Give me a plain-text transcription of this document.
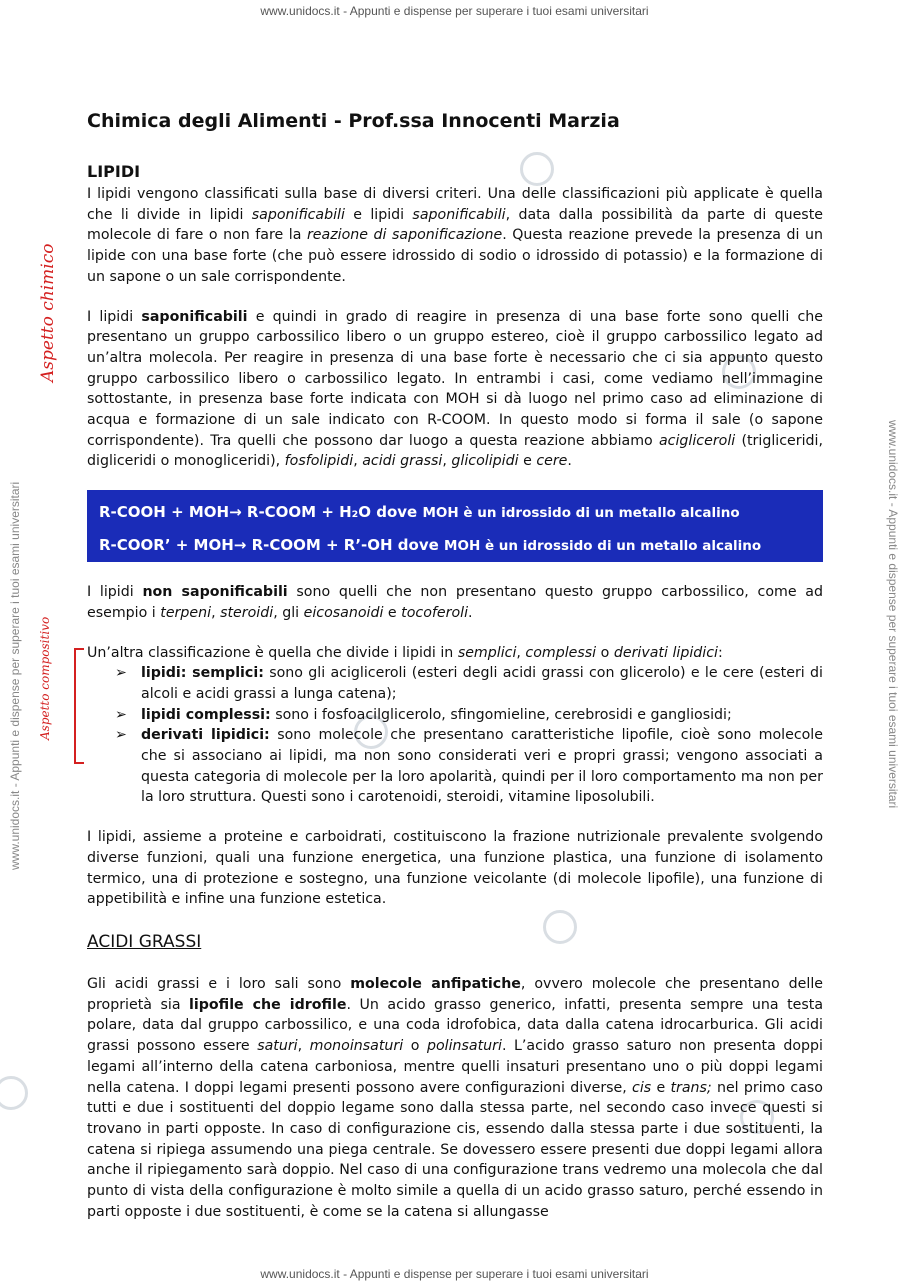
www.unidocs.it - Appunti e dispense per superare i tuoi esami universitari
www.unidocs.it - Appunti e dispense per superare i tuoi esami universitari
www.unidocs.it - Appunti e dispense per superare i tuoi esami universitari	www.unidocs.it - Appunti e dispense per superare i tuoi esami universitari
Aspetto chimico
Aspetto compositivo
Chimica degli Alimenti - Prof.ssa Innocenti Marzia
LIPIDI

I lipidi vengono classificati sulla base di diversi criteri. Una delle classificazioni più applicate è quella che li divide in lipidi saponificabili e lipidi saponificabili, data dalla possibilità da parte di queste molecole di fare o non fare la reazione di saponificazione. Questa reazione prevede la presenza di un lipide con una base forte (che può essere idrossido di sodio o idrossido di potassio) e la formazione di un sapone o un sale corrispondente.

I lipidi saponificabili e quindi in grado di reagire in presenza di una base forte sono quelli che presentano un gruppo carbossilico libero o un gruppo estereo, cioè il gruppo carbossilico legato ad un’altra molecola. Per reagire in presenza di una base forte è necessario che ci sia appunto questo gruppo carbossilico libero o carbossilico legato. In entrambi i casi, come vediamo nell’immagine sottostante, in presenza base forte indicata con MOH si dà luogo nel primo caso ad eliminazione di acqua e formazione di un sale indicato con R-COOM. In questo modo si forma il sale (o sapone corrispondente). Tra quelli che possono dar luogo a questa reazione abbiamo acigliceroli (trigliceridi, digliceridi o monogliceridi), fosfolipidi, acidi grassi, glicolipidi e cere.

R-COOH + MOH→ R-COOM + H₂O dove MOH è un idrossido di un metallo alcalino
R-COOR’ + MOH→ R-COOM + R’-OH dove MOH è un idrossido di un metallo alcalino

I lipidi non saponificabili sono quelli che non presentano questo gruppo carbossilico, come ad esempio i terpeni, steroidi, gli eicosanoidi e tocoferoli.

Un’altra classificazione è quella che divide i lipidi in semplici, complessi o derivati lipidici:

➢ lipidi: semplici: sono gli acigliceroli (esteri degli acidi grassi con glicerolo) e le cere (esteri di alcoli e acidi grassi a lunga catena);
➢ lipidi complessi: sono i fosfoacilglicerolo, sfingomieline, cerebrosidi e gangliosidi;
➢ derivati lipidici: sono molecole che presentano caratteristiche lipofile, cioè sono molecole che si associano ai lipidi, ma non sono considerati veri e propri grassi; vengono associati a questa categoria di molecole per la loro apolarità, quindi per il loro comportamento ma non per la loro struttura. Questi sono i carotenoidi, steroidi, vitamine liposolubili.

I lipidi, assieme a proteine e carboidrati, costituiscono la frazione nutrizionale prevalente svolgendo diverse funzioni, quali una funzione energetica, una funzione plastica, una funzione di isolamento termico, una di protezione e sostegno, una funzione veicolante (di molecole lipofile), una funzione di appetibilità e infine una funzione estetica.

ACIDI GRASSI

Gli acidi grassi e i loro sali sono molecole anfipatiche, ovvero molecole che presentano delle proprietà sia lipofile che idrofile. Un acido grasso generico, infatti, presenta sempre una testa polare, data dal gruppo carbossilico, e una coda idrofobica, data dalla catena idrocarburica. Gli acidi grassi possono essere saturi, monoinsaturi o polinsaturi. L’acido grasso saturo non presenta doppi legami all’interno della catena carboniosa, mentre quelli insaturi presentano uno o più doppi legami nella catena. I doppi legami presenti possono avere configurazioni diverse, cis e trans; nel primo caso tutti e due i sostituenti del doppio legame sono dalla stessa parte, nel secondo caso invece questi si trovano in parti opposte. In caso di configurazione cis, essendo dalla stessa parte i due sostituenti, la catena si ripiega assumendo una piega centrale. Se dovessero essere presenti due doppi legami allora anche il ripiegamento sarà doppio. Nel caso di una configurazione trans vedremo una molecola che dal punto di vista della configurazione è molto simile a quella di un acido grasso saturo, perché essendo in parti opposte i due sostituenti, è come se la catena si allungasse
